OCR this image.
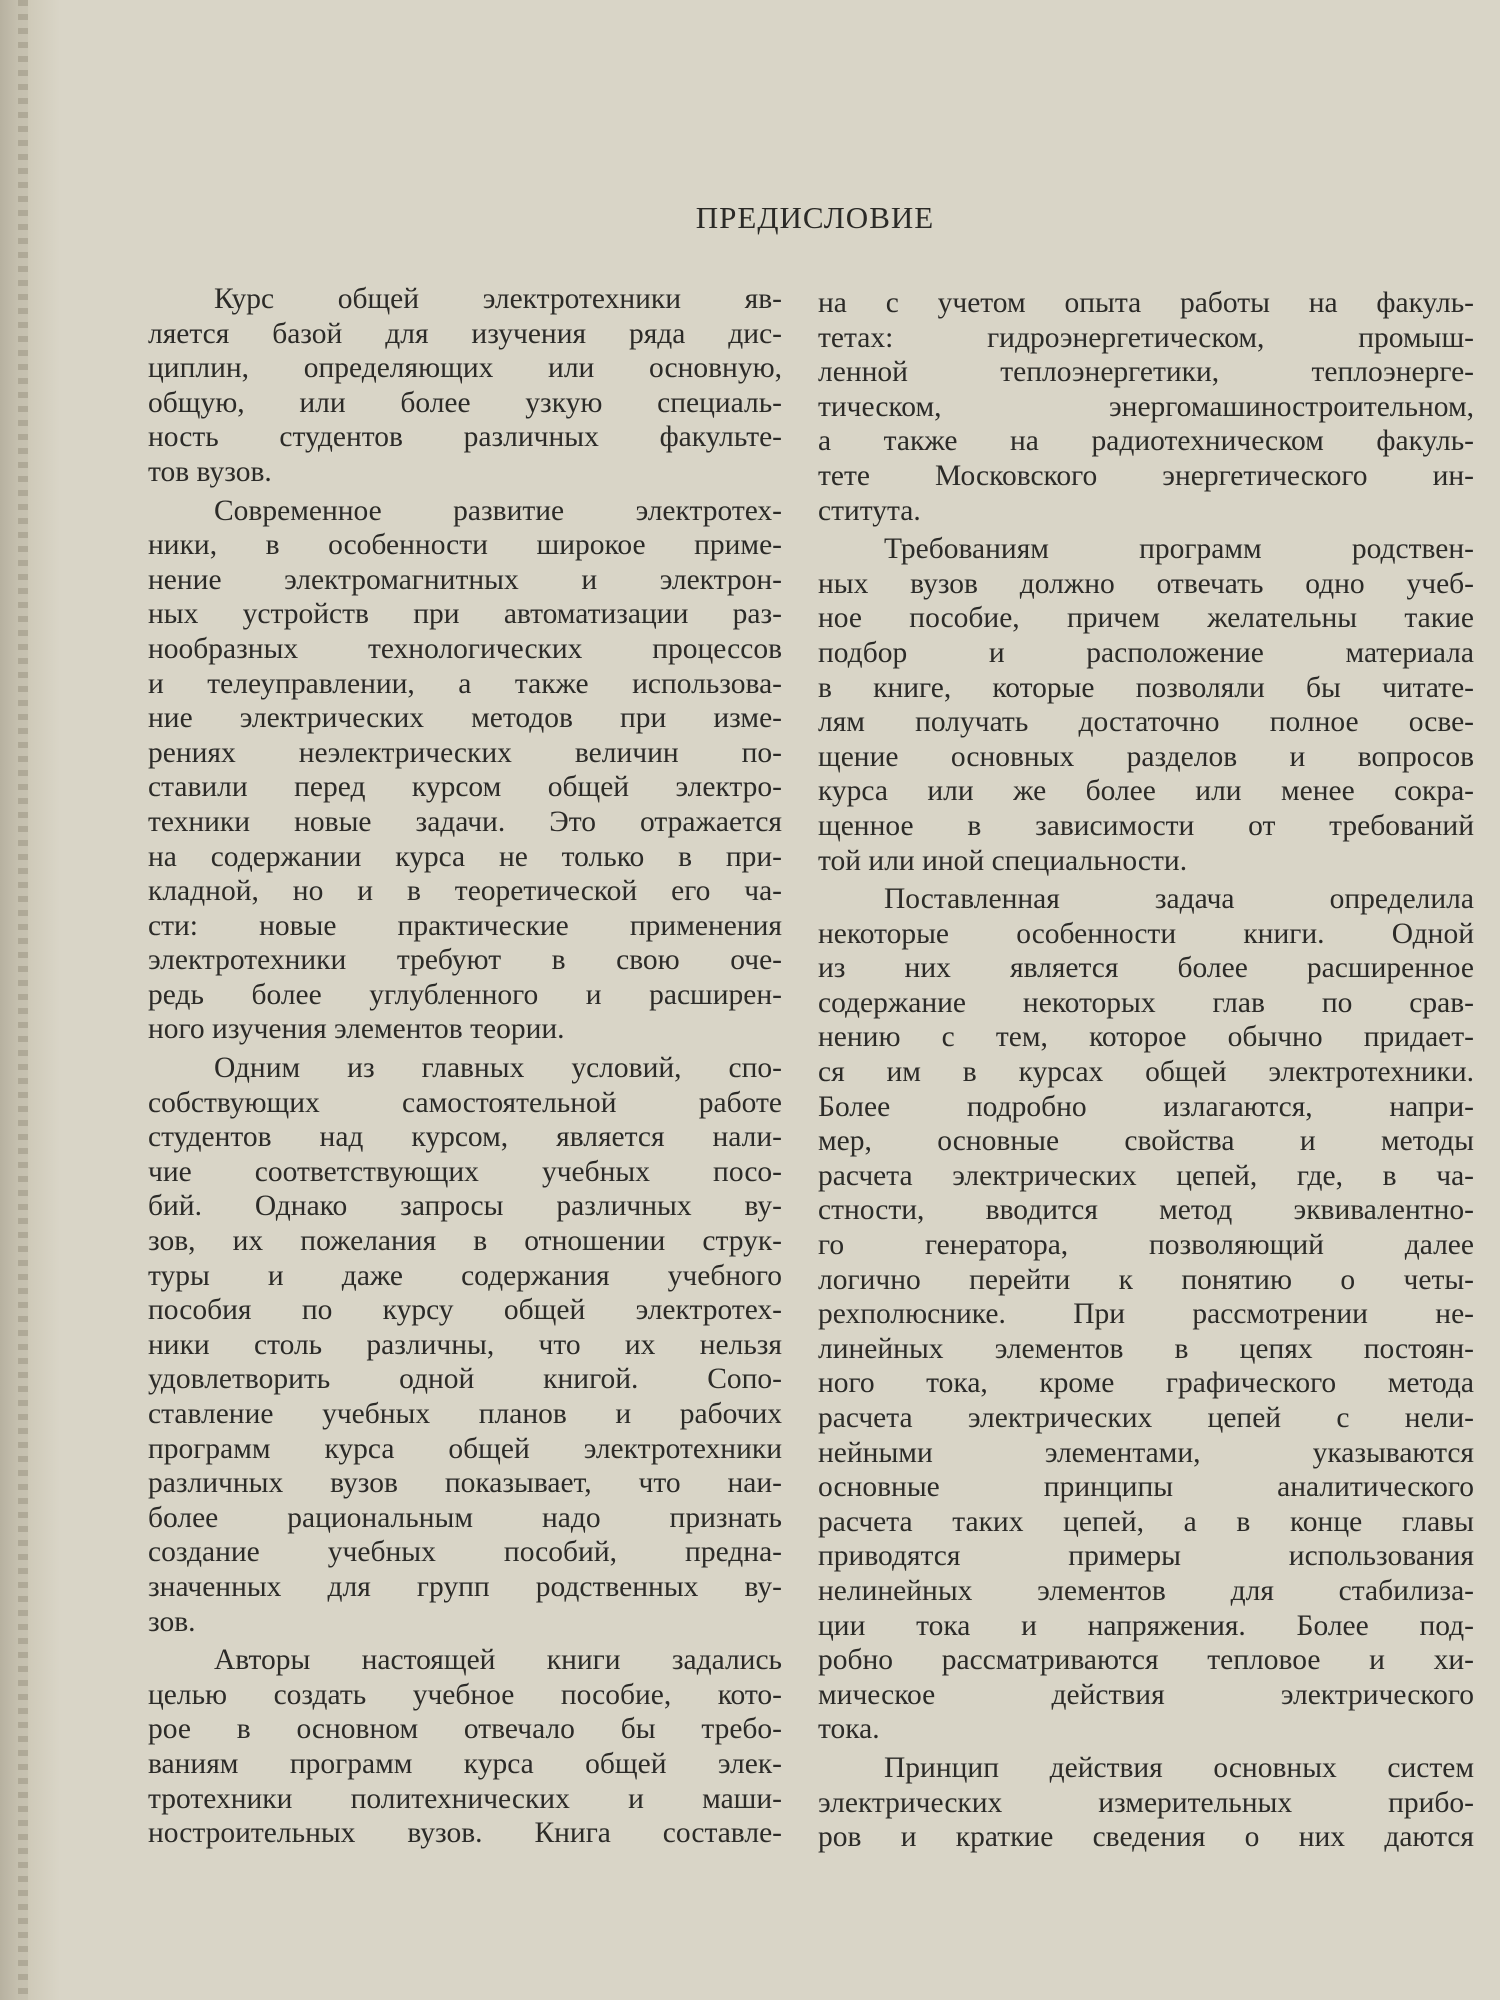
ПРЕДИСЛОВИЕ
Курс общей электротехники яв-
ляется базой для изучения ряда дис-
циплин, определяющих или основную,
общую, или более узкую специаль-
ность студентов различных факульте-
тов вузов.
Современное развитие электротех-
ники, в особенности широкое приме-
нение электромагнитных и электрон-
ных устройств при автоматизации раз-
нообразных технологических процессов
и телеуправлении, а также использова-
ние электрических методов при изме-
рениях неэлектрических величин по-
ставили перед курсом общей электро-
техники новые задачи. Это отражается
на содержании курса не только в при-
кладной, но и в теоретической его ча-
сти: новые практические применения
электротехники требуют в свою оче-
редь более углубленного и расширен-
ного изучения элементов теории.
Одним из главных условий, спо-
собствующих самостоятельной работе
студентов над курсом, является нали-
чие соответствующих учебных посо-
бий. Однако запросы различных ву-
зов, их пожелания в отношении струк-
туры и даже содержания учебного
пособия по курсу общей электротех-
ники столь различны, что их нельзя
удовлетворить одной книгой. Сопо-
ставление учебных планов и рабочих
программ курса общей электротехники
различных вузов показывает, что наи-
более рациональным надо признать
создание учебных пособий, предна-
значенных для групп родственных ву-
зов.
Авторы настоящей книги задались
целью создать учебное пособие, кото-
рое в основном отвечало бы требо-
ваниям программ курса общей элек-
тротехники политехнических и маши-
ностроительных вузов. Книга составле-
на с учетом опыта работы на факуль-
тетах: гидроэнергетическом, промыш-
ленной теплоэнергетики, теплоэнерге-
тическом, энергомашиностроительном,
а также на радиотехническом факуль-
тете Московского энергетического ин-
ститута.
Требованиям программ родствен-
ных вузов должно отвечать одно учеб-
ное пособие, причем желательны такие
подбор и расположение материала
в книге, которые позволяли бы читате-
лям получать достаточно полное осве-
щение основных разделов и вопросов
курса или же более или менее сокра-
щенное в зависимости от требований
той или иной специальности.
Поставленная задача определила
некоторые особенности книги. Одной
из них является более расширенное
содержание некоторых глав по срав-
нению с тем, которое обычно придает-
ся им в курсах общей электротехники.
Более подробно излагаются, напри-
мер, основные свойства и методы
расчета электрических цепей, где, в ча-
стности, вводится метод эквивалентно-
го генератора, позволяющий далее
логично перейти к понятию о четы-
рехполюснике. При рассмотрении не-
линейных элементов в цепях постоян-
ного тока, кроме графического метода
расчета электрических цепей с нели-
нейными элементами, указываются
основные принципы аналитического
расчета таких цепей, а в конце главы
приводятся примеры использования
нелинейных элементов для стабилиза-
ции тока и напряжения. Более под-
робно рассматриваются тепловое и хи-
мическое действия электрического
тока.
Принцип действия основных систем
электрических измерительных прибо-
ров и краткие сведения о них даются
